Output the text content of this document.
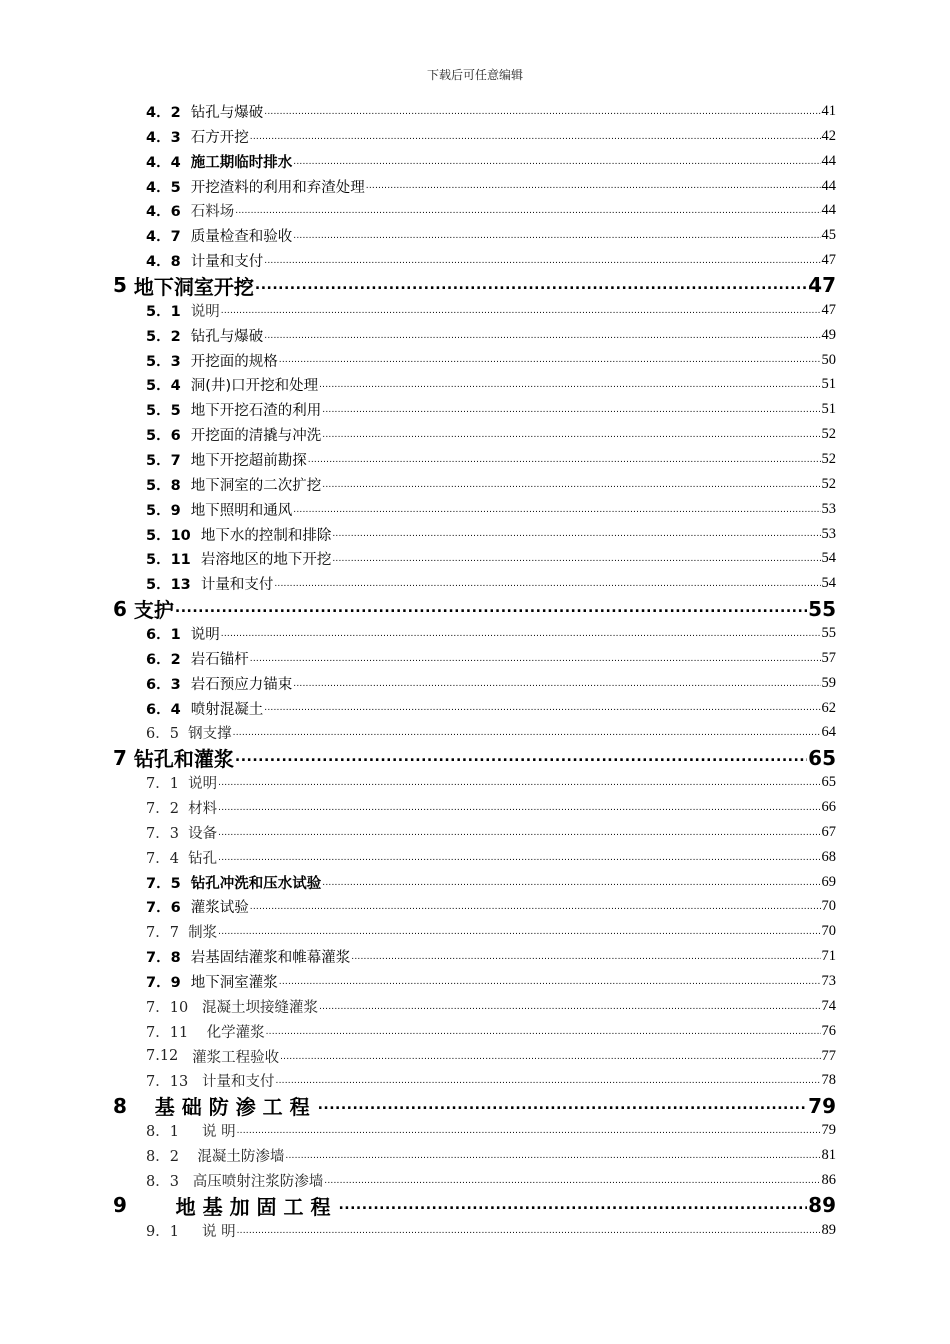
下载后可任意编辑
4．2 钻孔与爆破 .....	41
4．3 石方开挖 .....	42
4．4 施工期临时排水 .....	44
4．5 开挖渣料的利用和弃渣处理 .....	44
4．6 石料场 .....	44
4．7 质量检查和验收 .....	45
4．8 计量和支付 .....	47
5 地下洞室开挖 .....	47
5．1 说明 .....	47
5．2 钻孔与爆破 .....	49
5．3 开挖面的规格 .....	50
5．4 洞(井)口开挖和处理 .....	51
5．5 地下开挖石渣的利用 .....	51
5．6 开挖面的清撬与冲洗 .....	52
5．7 地下开挖超前勘探 .....	52
5．8 地下洞室的二次扩挖 .....	52
5．9 地下照明和通风 .....	53
5．10 地下水的控制和排除 .....	53
5．11 岩溶地区的地下开挖 .....	54
5．13 计量和支付 .....	54
6 支护 .....	55
6．1 说明 .....	55
6．2 岩石锚杆 .....	57
6．3 岩石预应力锚束 .....	59
6．4 喷射混凝土 .....	62
6．5 钢支撑 .....	64
7 钻孔和灌浆 .....	65
7．1 说明 .....	65
7．2 材料 .....	66
7．3 设备 .....	67
7．4 钻孔 .....	68
7．5 钻孔冲洗和压水试验 .....	69
7．6 灌浆试验 .....	70
7．7 制浆 .....	70
7．8 岩基固结灌浆和帷幕灌浆 .....	71
7．9 地下洞室灌浆 .....	73
7．10 混凝土坝接缝灌浆 .....	74
7．11 化学灌浆 .....	76
7.12 灌浆工程验收 .....	77
7．13 计量和支付 .....	78
8 基 础 防 渗 工 程 .....	79
8．1 说 明 .....	79
8．2 混凝土防渗墙 .....	81
8．3 高压喷射注浆防渗墙 .....	86
9 地 基 加 固 工 程 .....	89
9．1 说 明 .....	89
